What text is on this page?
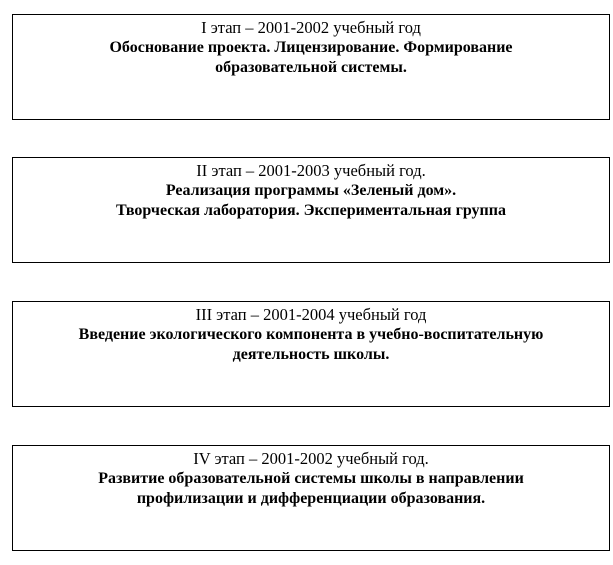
I этап – 2001-2002 учебный год
Обоснование проекта. Лицензирование. Формирование
образовательной системы.
II этап – 2001-2003 учебный год.
Реализация программы «Зеленый дом».
Творческая лаборатория. Экспериментальная группа
III этап – 2001-2004 учебный год
Введение экологического компонента в учебно-воспитательную
деятельность школы.
IV этап – 2001-2002 учебный год.
Развитие образовательной системы школы в направлении
профилизации и дифференциации образования.
